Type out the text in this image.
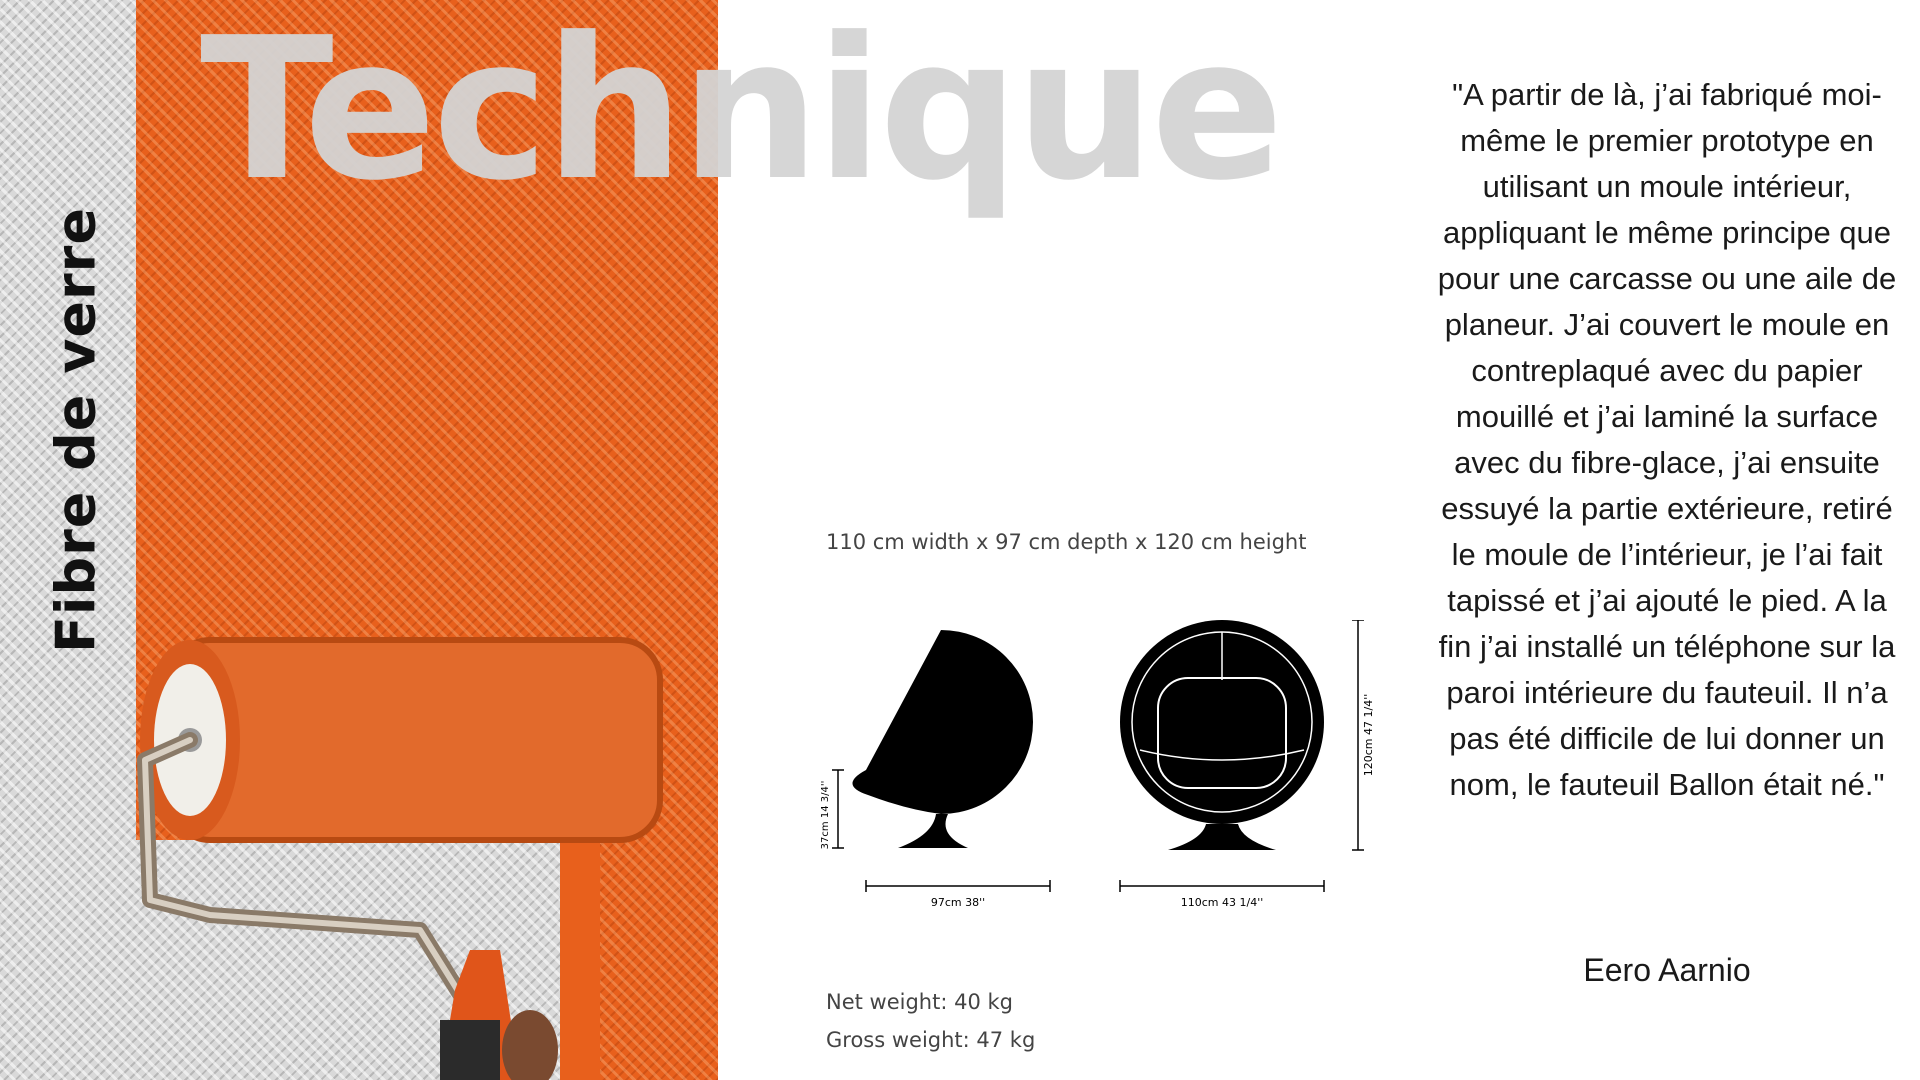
Fibre de verre
Technique
110 cm width x 97 cm depth x 120 cm height
37cm 14 3/4''
97cm 38''	110cm 43 1/4''
120cm 47 1/4''
Net weight: 40 kg
Gross weight: 47 kg

"A partir de là, j’ai fabriqué moi-même le premier prototype en utilisant un moule intérieur, appliquant le même principe que pour une carcasse ou une aile de planeur. J’ai couvert le moule en contreplaqué avec du papier mouillé et j’ai laminé la surface avec du fibre-glace, j’ai ensuite essuyé la partie extérieure, retiré le moule de l’intérieur, je l’ai fait tapissé et j’ai ajouté le pied. A la fin j’ai installé un téléphone sur la paroi intérieure du fauteuil. Il n’a pas été difficile de lui donner un nom, le fauteuil Ballon était né."

Eero Aarnio
